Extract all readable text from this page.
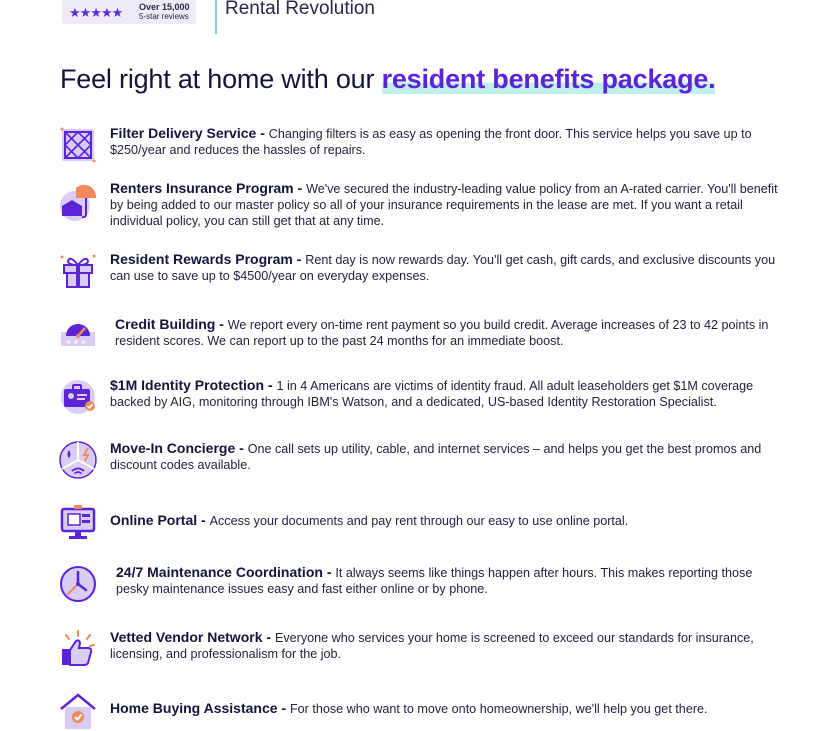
★★★★★ Over 15,000
5-star reviews Rental Revolution
Feel right at home with our resident benefits package.
Filter Delivery Service - Changing filters is as easy as opening the front door. This service helps you save up to $250/year and reduces the hassles of repairs.
Renters Insurance Program - We've secured the industry-leading value policy from an A-rated carrier. You'll benefit by being added to our master policy so all of your insurance requirements in the lease are met. If you want a retail individual policy, you can still get that at any time.
Resident Rewards Program - Rent day is now rewards day. You'll get cash, gift cards, and exclusive discounts you can use to save up to $4500/year on everyday expenses.
★ ★ ★
Credit Building - We report every on-time rent payment so you build credit. Average increases of 23 to 42 points in resident scores. We can report up to the past 24 months for an immediate boost.
$1M Identity Protection - 1 in 4 Americans are victims of identity fraud. All adult leaseholders get $1M coverage backed by AIG, monitoring through IBM's Watson, and a dedicated, US-based Identity Restoration Specialist.
Move-In Concierge - One call sets up utility, cable, and internet services – and helps you get the best promos and discount codes available.
Online Portal - Access your documents and pay rent through our easy to use online portal.
24/7 Maintenance Coordination - It always seems like things happen after hours. This makes reporting those pesky maintenance issues easy and fast either online or by phone.
Vetted Vendor Network - Everyone who services your home is screened to exceed our standards for insurance, licensing, and professionalism for the job.
Home Buying Assistance - For those who want to move onto homeownership, we'll help you get there.
